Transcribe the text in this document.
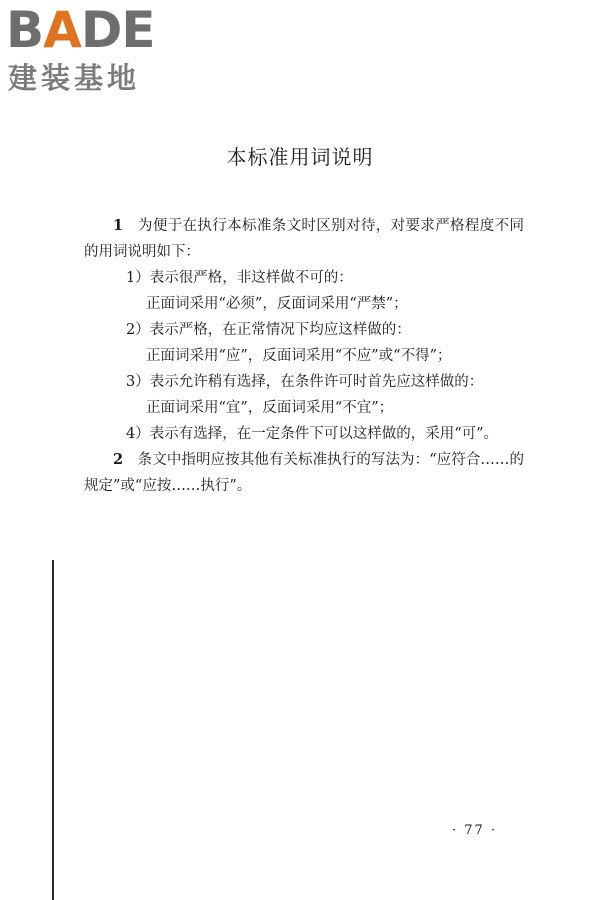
BADE
建装基地
本标准用词说明

1 为便于在执行本标准条文时区别对待，对要求严格程度不同的用词说明如下：

1）表示很严格，非这样做不可的：

正面词采用“必须”，反面词采用“严禁”；

2）表示严格，在正常情况下均应这样做的：

正面词采用“应”，反面词采用“不应”或“不得”；

3）表示允许稍有选择，在条件许可时首先应这样做的：

正面词采用“宜”，反面词采用“不宜”；

4）表示有选择，在一定条件下可以这样做的，采用“可”。

2 条文中指明应按其他有关标准执行的写法为：“应符合……的规定”或“应按……执行”。

· 77 ·
